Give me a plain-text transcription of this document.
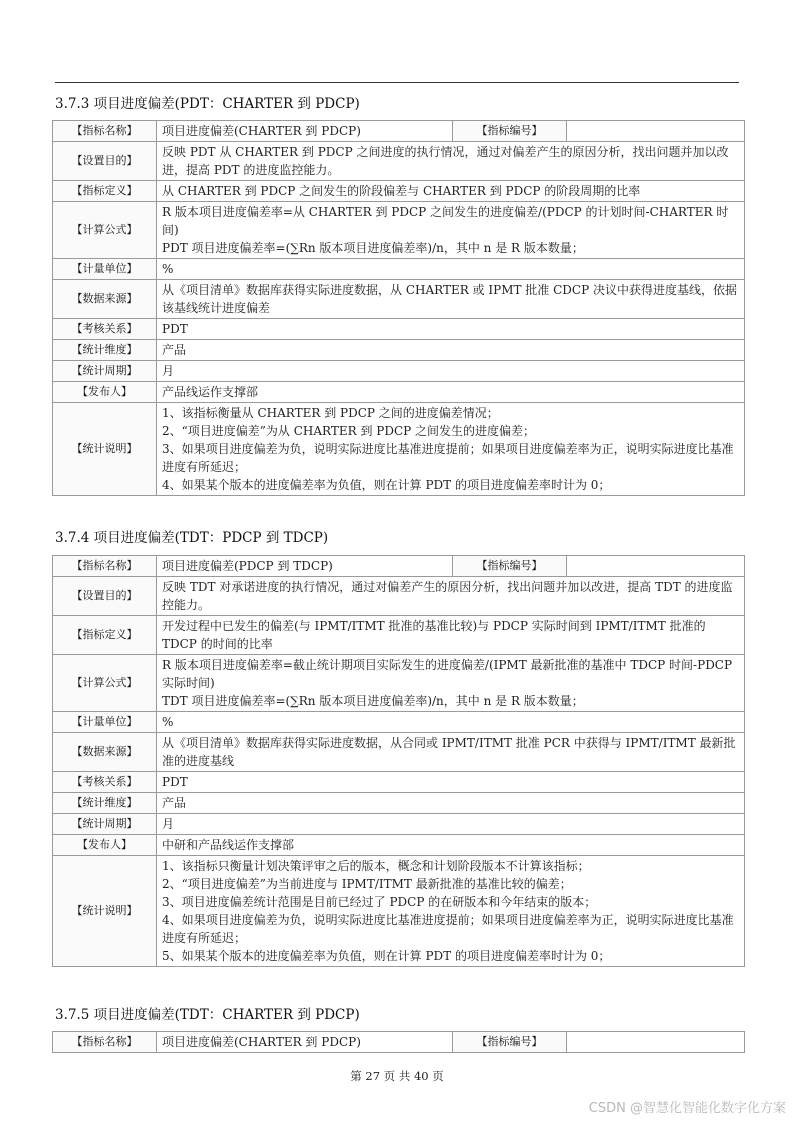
3.7.3 项目进度偏差(PDT：CHARTER 到 PDCP)
【指标名称】	项目进度偏差(CHARTER 到 PDCP)	【指标编号】	
【设置目的】	反映 PDT 从 CHARTER 到 PDCP 之间进度的执行情况，通过对偏差产生的原因分析，找出问题并加以改进，提高 PDT 的进度监控能力。		
【指标定义】	从 CHARTER 到 PDCP 之间发生的阶段偏差与 CHARTER 到 PDCP 的阶段周期的比率		
【计算公式】	R 版本项目进度偏差率=从 CHARTER 到 PDCP 之间发生的进度偏差/(PDCP 的计划时间-CHARTER 时间)
PDT 项目进度偏差率=(∑Rn 版本项目进度偏差率)/n，其中 n 是 R 版本数量；		

【计量单位】	%		
【数据来源】	从《项目清单》数据库获得实际进度数据，从 CHARTER 或 IPMT 批准 CDCP 决议中获得进度基线，依据该基线统计进度偏差		
【考核关系】	PDT		
【统计维度】	产品		
【统计周期】	月		
【发布人】	产品线运作支撑部		
【统计说明】	1、该指标衡量从 CHARTER 到 PDCP 之间的进度偏差情况；
2、“项目进度偏差”为从 CHARTER 到 PDCP 之间发生的进度偏差；
3、如果项目进度偏差为负，说明实际进度比基准进度提前；如果项目进度偏差率为正，说明实际进度比基准进度有所延迟；
4、如果某个版本的进度偏差率为负值，则在计算 PDT 的项目进度偏差率时计为 0；		
3.7.4 项目进度偏差(TDT：PDCP 到 TDCP)
【指标名称】	项目进度偏差(PDCP 到 TDCP)	【指标编号】	
【设置目的】	反映 TDT 对承诺进度的执行情况，通过对偏差产生的原因分析，找出问题并加以改进，提高 TDT 的进度监控能力。		
【指标定义】	开发过程中已发生的偏差(与 IPMT/ITMT 批准的基准比较)与 PDCP 实际时间到 IPMT/ITMT 批准的 TDCP 的时间的比率		
【计算公式】	R 版本项目进度偏差率=截止统计期项目实际发生的进度偏差/(IPMT 最新批准的基准中 TDCP 时间-PDCP 实际时间)
TDT 项目进度偏差率=(∑Rn 版本项目进度偏差率)/n，其中 n 是 R 版本数量；		

【计量单位】	%		
【数据来源】	从《项目清单》数据库获得实际进度数据，从合同或 IPMT/ITMT 批准 PCR 中获得与 IPMT/ITMT 最新批准的进度基线		
【考核关系】	PDT		
【统计维度】	产品		
【统计周期】	月		
【发布人】	中研和产品线运作支撑部		
【统计说明】	1、该指标只衡量计划决策评审之后的版本，概念和计划阶段版本不计算该指标；
2、“项目进度偏差”为当前进度与 IPMT/ITMT 最新批准的基准比较的偏差；
3、项目进度偏差统计范围是目前已经过了 PDCP 的在研版本和今年结束的版本；
4、如果项目进度偏差为负，说明实际进度比基准进度提前；如果项目进度偏差率为正，说明实际进度比基准进度有所延迟；
5、如果某个版本的进度偏差率为负值，则在计算 PDT 的项目进度偏差率时计为 0；		
3.7.5 项目进度偏差(TDT：CHARTER 到 PDCP)
【指标名称】	项目进度偏差(CHARTER 到 PDCP)	【指标编号】	
第 27 页 共 40 页
CSDN @智慧化智能化数字化方案
